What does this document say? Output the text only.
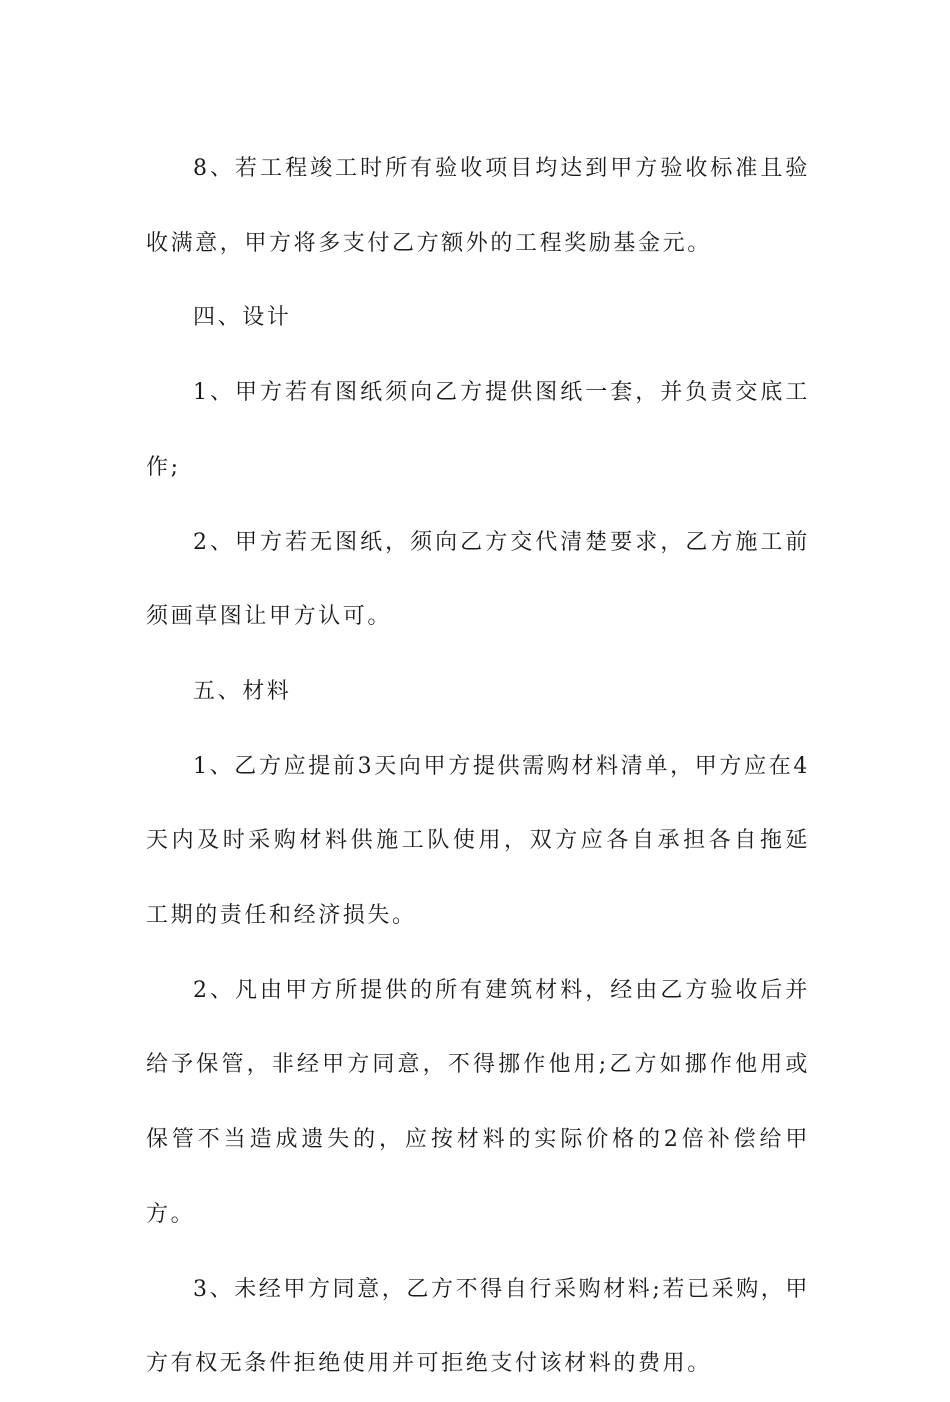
8、若工程竣工时所有验收项目均达到甲方验收标准且验收满意，甲方将多支付乙方额外的工程奖励基金元。

四、设计

1、甲方若有图纸须向乙方提供图纸一套，并负责交底工作;

2、甲方若无图纸，须向乙方交代清楚要求，乙方施工前须画草图让甲方认可。

五、材料

1、乙方应提前3天向甲方提供需购材料清单，甲方应在4天内及时采购材料供施工队使用，双方应各自承担各自拖延工期的责任和经济损失。

2、凡由甲方所提供的所有建筑材料，经由乙方验收后并给予保管，非经甲方同意，不得挪作他用;乙方如挪作他用或保管不当造成遗失的，应按材料的实际价格的2倍补偿给甲方。

3、未经甲方同意，乙方不得自行采购材料;若已采购，甲方有权无条件拒绝使用并可拒绝支付该材料的费用。
